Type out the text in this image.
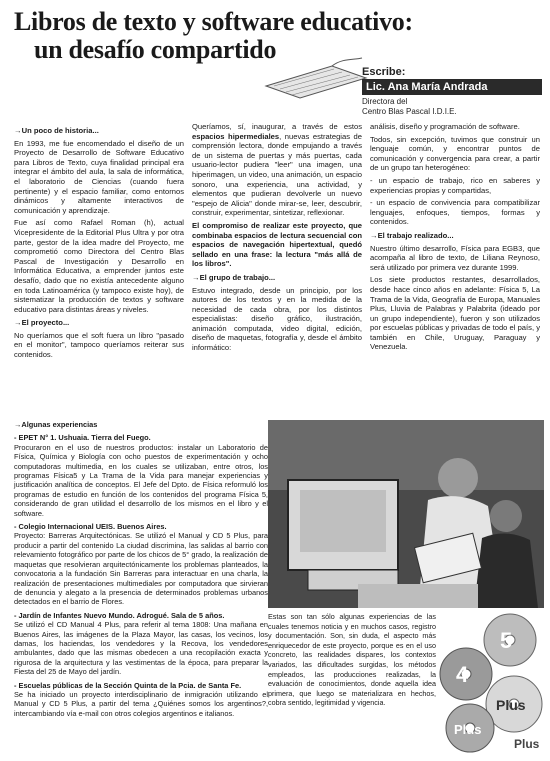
Libros de texto y software educativo:
un desafío compartido
Escribe:
Lic. Ana María Andrada
Directora del
Centro Blas Pascal I.D.I.E.

→ Un poco de historia...

En 1993, me fue encomendado el diseño de un Proyecto de Desarrollo de Software Educativo para Libros de Texto, cuya finalidad principal era integrar el ámbito del aula, la sala de informática, el laboratorio de Ciencias (cuando fuera pertinente) y el espacio familiar, como entornos dinámicos y altamente interactivos de comunicación y aprendizaje.

Fue así como Rafael Roman (h), actual Vicepresidente de la Editorial Plus Ultra y por otra parte, gestor de la idea madre del Proyecto, me comprometió como Directora del Centro Blas Pascal de Investigación y Desarrollo en Informática Educativa, a emprender juntos este desafío, dado que no existía antecedente alguno en toda Latinoamérica (y tampoco existe hoy), de sistematizar la producción de textos y software educativo para distintas áreas y niveles.

→ El proyecto...

No queríamos que el soft fuera un libro "pasado en el monitor", tampoco queríamos reiterar sus contenidos.

Queríamos, sí, inaugurar, a través de estos espacios hipermediales, nuevas estrategias de comprensión lectora, donde empujando a través de un sistema de puertas y más puertas, cada usuario-lector pudiera "leer" una imagen, una hiperimagen, un video, una animación, un espacio sonoro, una experiencia, una actividad, y elementos que pudieran devolverle un nuevo "espejo de Alicia" donde mirar-se, leer, descubrir, construir, experimentar, sintetizar, reflexionar.

El compromiso de realizar este proyecto, que combinaba espacios de lectura secuencial con espacios de navegación hipertextual, quedó sellado en una frase: la lectura "más allá de los libros".

→ El grupo de trabajo...

Estuvo integrado, desde un principio, por los autores de los textos y en la medida de la necesidad de cada obra, por los distintos especialistas: diseño gráfico, ilustración, animación computada, video digital, edición, diseño de maquetas, fotografía y, desde el ámbito informático:

análisis, diseño y programación de software.

Todos, sin excepción, tuvimos que construir un lenguaje común, y encontrar puntos de comunicación y convergencia para crear, a partir de un grupo tan heterogéneo:

- un espacio de trabajo, rico en saberes y experiencias propias y compartidas,

- un espacio de convivencia para compatibilizar lenguajes, enfoques, tiempos, formas y contenidos.

→ El trabajo realizado...

Nuestro último desarrollo, Física para EGB3, que acompaña al libro de texto, de Liliana Reynoso, será utilizado por primera vez durante 1999.

Los siete productos restantes, desarrollados, desde hace cinco años en adelante: Física 5, La Trama de la Vida, Geografía de Europa, Manuales Plus, Lluvia de Palabras y Palabrita (ideado por un grupo independiente), fueron y son utilizados por escuelas públicas y privadas de todo el país, y también en Chile, Uruguay, Paraguay y Venezuela.

→ Algunas experiencias
- EPET N° 1. Ushuaia. Tierra del Fuego.
Procuraron en el uso de nuestros productos: instalar un Laboratorio de Física, Química y Biología con ocho puestos de experimentación y ocho computadoras multimedia, en los cuales se utilizaban, entre otros, los programas Física5 y La Trama de la Vida para manejar experiencias y justificación analítica de conceptos. El Jefe del Dpto. de Física reformuló los programas de estudio en función de los contenidos del programa Física 5, considerando de gran utilidad el desarrollo de los mismos en el libro y el software.
- Colegio Internacional UEIS. Buenos Aires.
Proyecto: Barreras Arquitectónicas. Se utilizó el Manual y CD 5 Plus, para producir a partir del contenido La ciudad discrimina, las salidas al barrio con relevamiento fotográfico por parte de los chicos de 5° grado, la realización de maquetas que resolvieran arquitectónicamente los problemas planteados, la convocatoria a la fundación Sin Barreras para interactuar en una charla, la realización de presentaciones multimediales por computadora que sirvieran de denuncia y alegato a la presencia de determinados problemas urbanos detectados en el barrio de Flores.
- Jardín de Infantes Nuevo Mundo. Adrogué. Sala de 5 años.
Se utilizó el CD Manual 4 Plus, para referir al tema 1808: Una mañana en Buenos Aires, las imágenes de la Plaza Mayor, las casas, los vecinos, los damas, los haciendas, los vendedores y la Recova, los vendedores ambulantes, dado que las mismas obedecen a una recopilación exacta y rigurosa de la arquitectura y las vestimentas de la época, para preparar la Fiesta del 25 de Mayo del jardín.
- Escuelas públicas de la Sección Quinta de la Pcia. de Santa Fe.
Se ha iniciado un proyecto interdisciplinario de inmigración utilizando el Manual y CD 5 Plus, a partir del tema ¿Quiénes somos los argentinos?, intercambiando vía e-mail con otros colegios argentinos e italianos.
Estas son tan sólo algunas experiencias de las cuales tenemos noticia y en muchos casos, registro y documentación. Son, sin duda, el aspecto más enriquecedor de este proyecto, porque es en el uso concreto, las realidades dispares, los contextos variados, las dificultades surgidas, los métodos empleados, las producciones realizadas, la evaluación de conocimientos, donde aquella idea primera, que luego se materializara en hechos, cobra sentido, legitimidad y vigencia.
5
4
Plus
Plus
Plus
